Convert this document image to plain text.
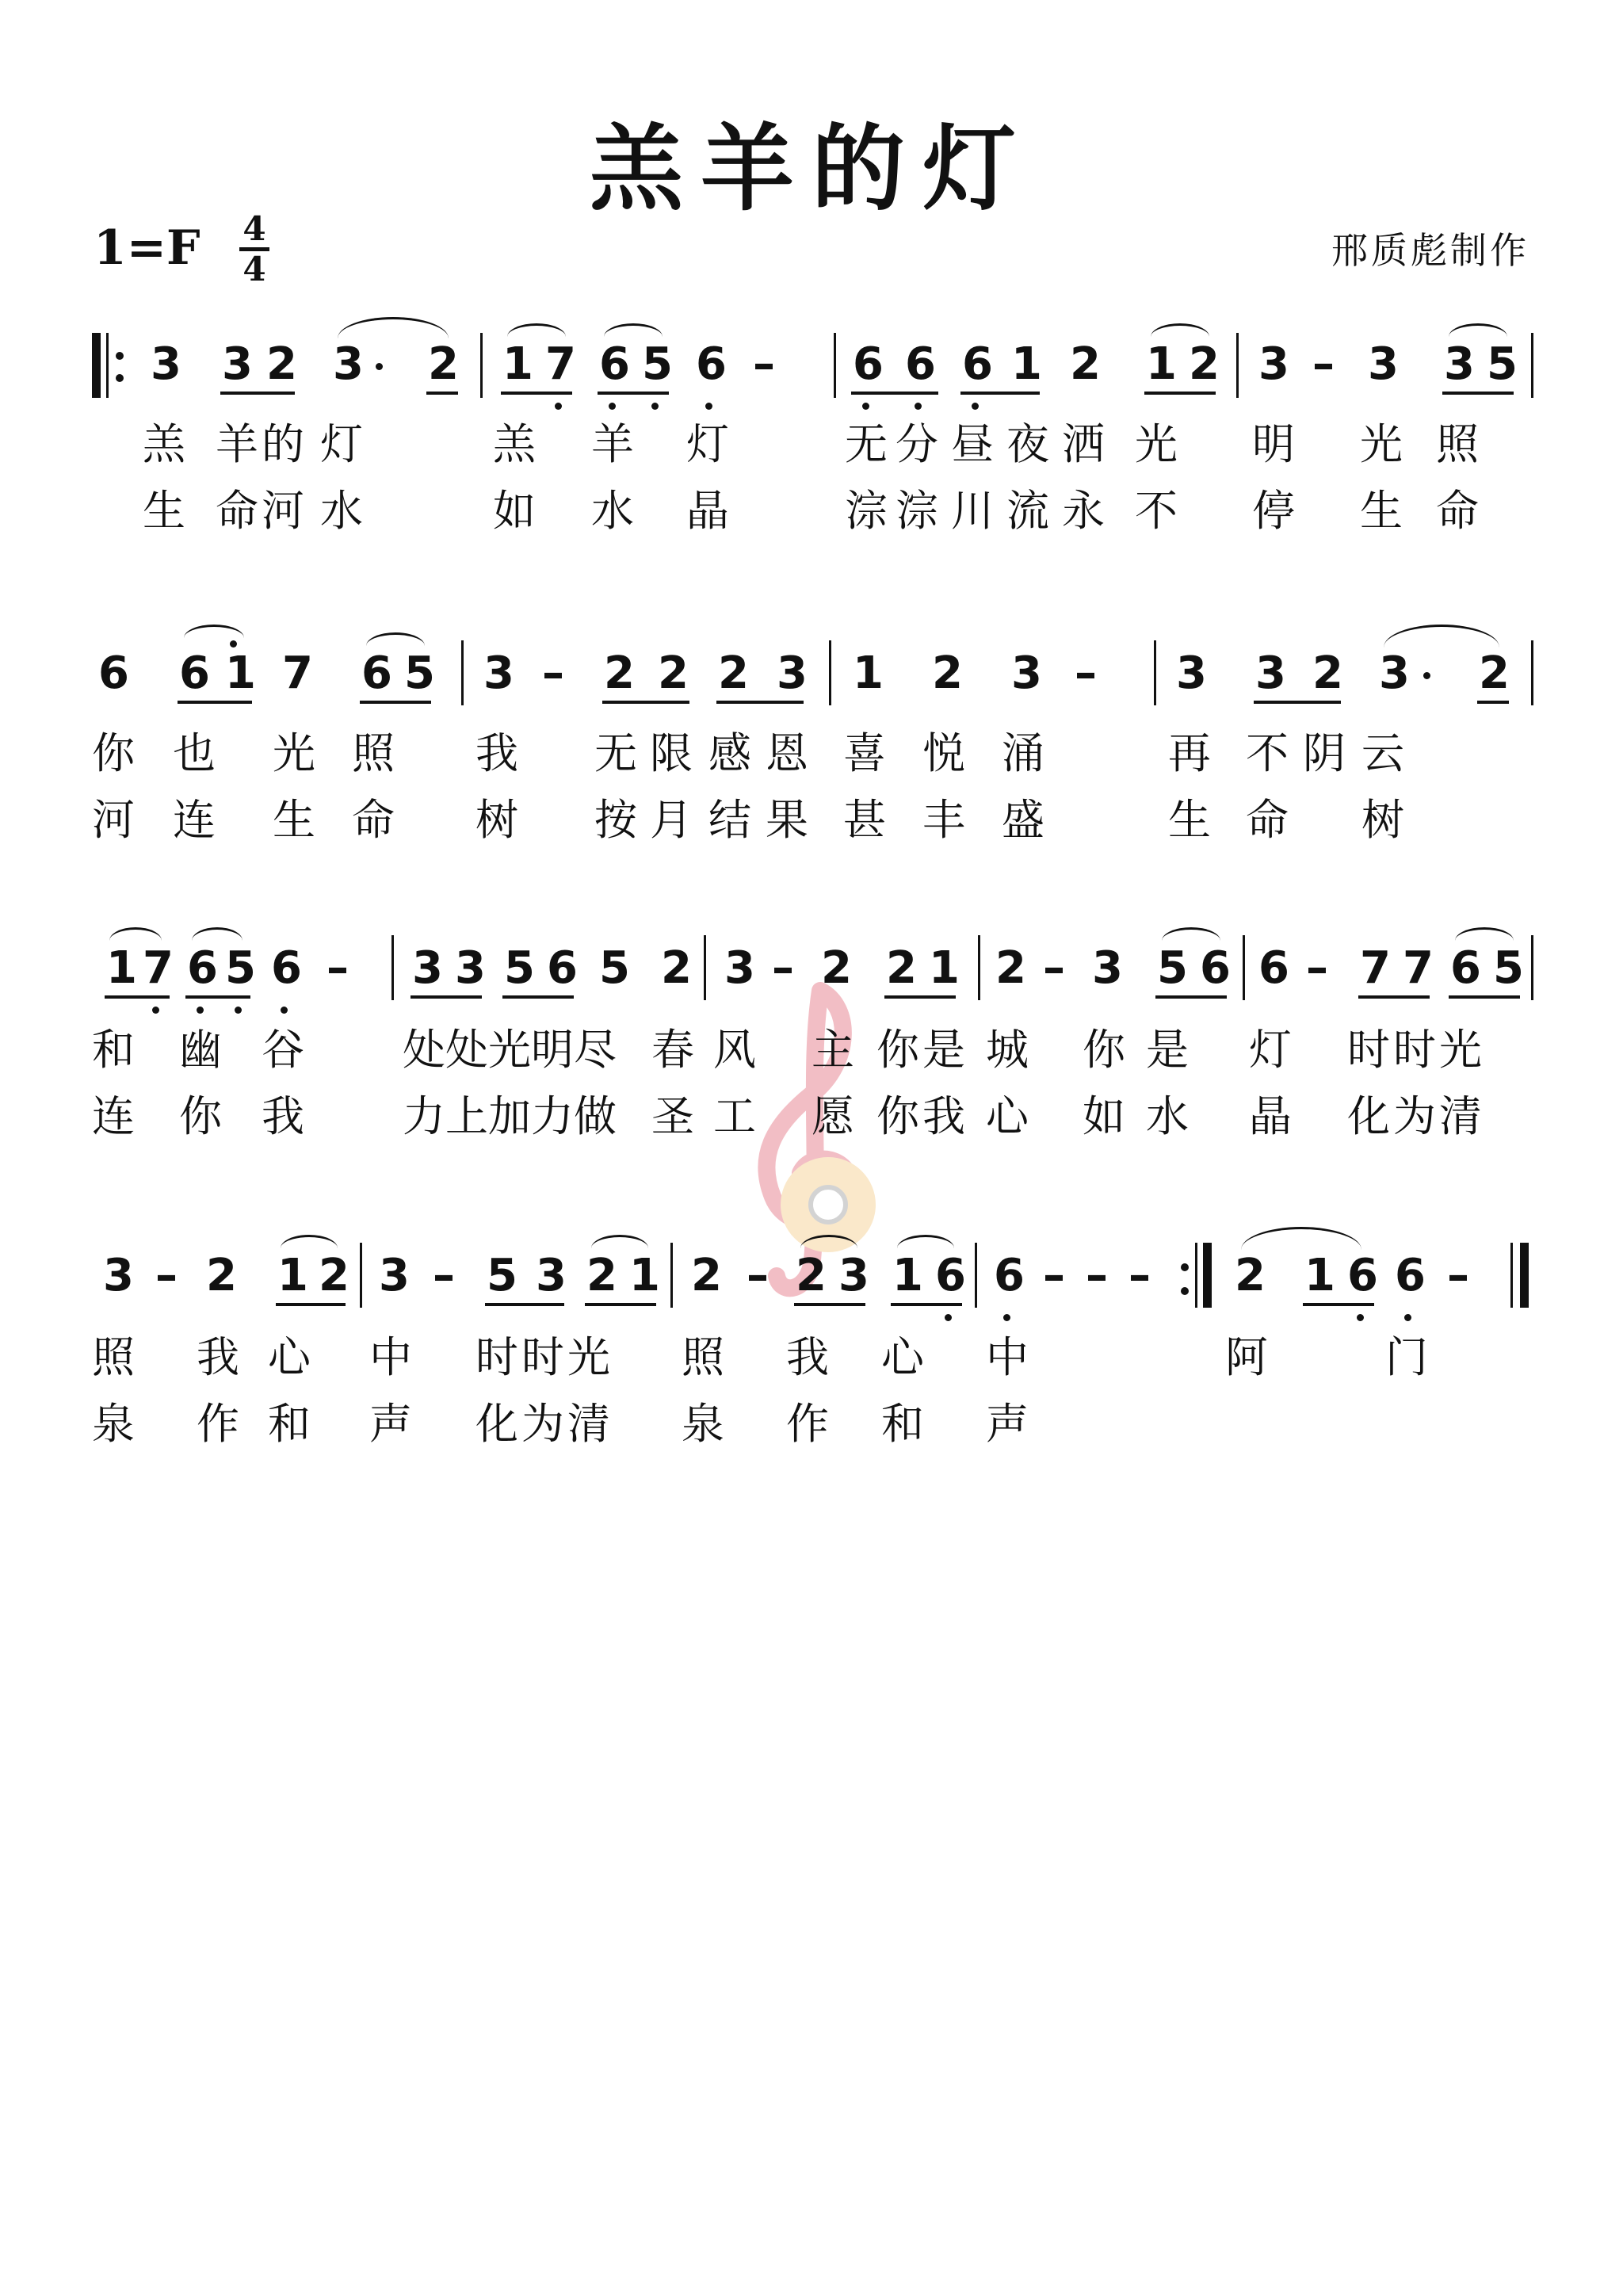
羔羊的灯
1=F 4
4	邢质彪制作
3 3 2 3 2 1 7 6 5 6 – 6 6 6 1 2 1 2 3 – 3 3 5
羔 羊 的 灯	羔 羊 灯	无 分 昼 夜 洒 光 明 光 照
生 命 河 水	如 水 晶	淙 淙 川 流 永 不 停 生 命
6 6 1 7 6 5 3 – 2 2 2 3 1 2 3 – 3 3 2 3 2
你 也 光 照 我 无 限 感 恩 喜 悦 涌	再 不 阴 云
河 连 生 命 树 按 月 结 果 甚 丰 盛	生 命 树
1 7 6 5 6 – 3 3 5 6 5 2 3 – 2 2 1 2 – 3 5 6 6 – 7 7 6 5
和 幽 谷 处 处 光 明 尽 春 风 主 你 是 城 你 是 灯 时 时 光
连 你 我 力 上 加 力 做 圣 工 愿 你 我 心 如 水 晶 化 为 清
3 – 2 1 2 3 – 5 3 2 1 2 – 2 3 1 6 6 – – – 2 1 6 6 –
照 我 心 中 时 时 光 照 我 心 中	阿	门
泉 作 和 声 化 为 清 泉 作 和 声
